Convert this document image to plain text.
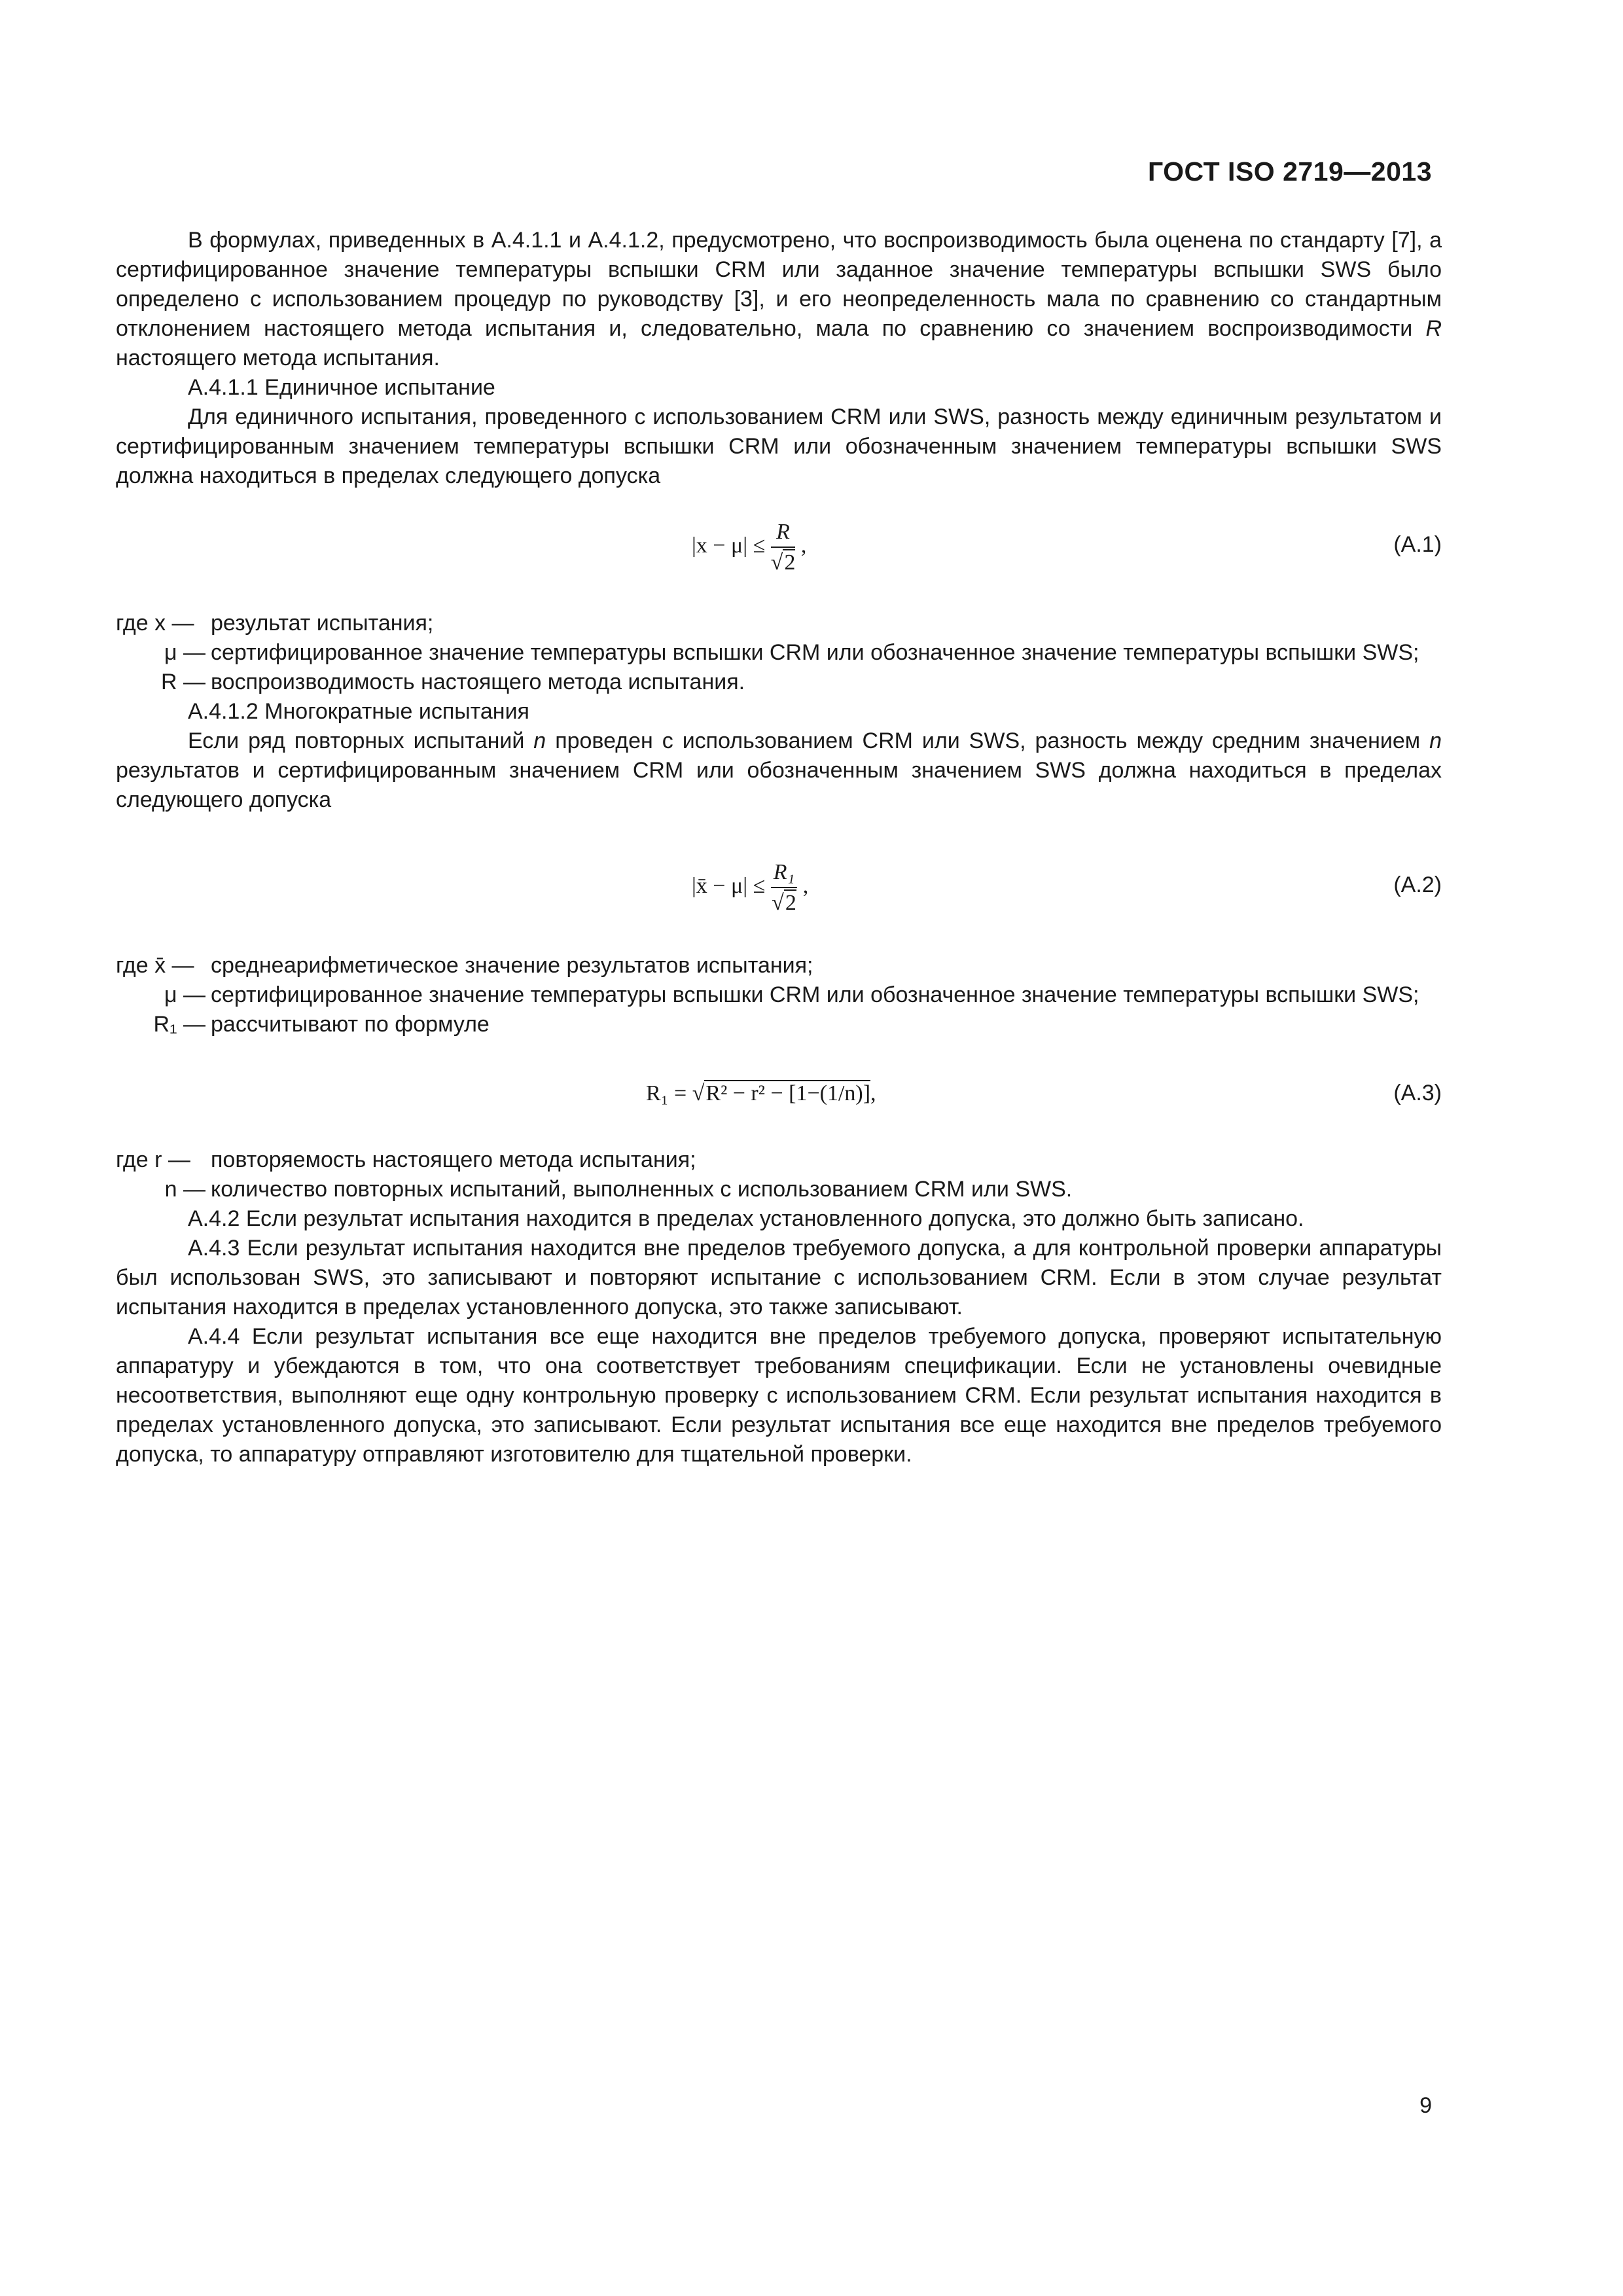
ГОСТ ISO 2719—2013

В формулах, приведенных в А.4.1.1 и А.4.1.2, предусмотрено, что воспроизводимость была оценена по стандарту [7], а сертифицированное значение температуры вспышки CRM или заданное значение температуры вспышки SWS было определено с использованием процедур по руководству [3], и его неопределенность мала по сравнению со стандартным отклонением настоящего метода испытания и, следовательно, мала по сравнению со значением воспроизводимости R настоящего метода испытания.

А.4.1.1 Единичное испытание

Для единичного испытания, проведенного с использованием CRM или SWS, разность между единичным результатом и сертифицированным значением температуры вспышки CRM или обозначенным значением температуры вспышки SWS должна находиться в пределах следующего допуска

$|x - \mu| \le \frac{R}{√2}$ ,	(А.1)
где x — результат испытания;
μ — сертифицированное значение температуры вспышки CRM или обозначенное значение температуры вспышки SWS;
R — воспроизводимость настоящего метода испытания.

А.4.1.2 Многократные испытания

Если ряд повторных испытаний n проведен с использованием CRM или SWS, разность между средним значением n результатов и сертифицированным значением CRM или обозначенным значением SWS должна находиться в пределах следующего допуска

|x̄ − $\mu| \le \frac{\text{R₁}}{√2}$ ,	(А.2)
где x̄ — среднеарифметическое значение результатов испытания;
μ — сертифицированное значение температуры вспышки CRM или обозначенное значение температуры вспышки SWS;
R₁ — рассчитывают по формуле
R₁ = √R² − r² − [1−(1/n)],	(А.3)
где r — повторяемость настоящего метода испытания;
n — количество повторных испытаний, выполненных с использованием CRM или SWS.

А.4.2 Если результат испытания находится в пределах установленного допуска, это должно быть записано.

А.4.3 Если результат испытания находится вне пределов требуемого допуска, а для контрольной проверки аппаратуры был использован SWS, это записывают и повторяют испытание с использованием CRM. Если в этом случае результат испытания находится в пределах установленного допуска, это также записывают.

А.4.4 Если результат испытания все еще находится вне пределов требуемого допуска, проверяют испытательную аппаратуру и убеждаются в том, что она соответствует требованиям спецификации. Если не установлены очевидные несоответствия, выполняют еще одну контрольную проверку с использованием CRM. Если результат испытания находится в пределах установленного допуска, это записывают. Если результат испытания все еще находится вне пределов требуемого допуска, то аппаратуру отправляют изготовителю для тщательной проверки.

9
